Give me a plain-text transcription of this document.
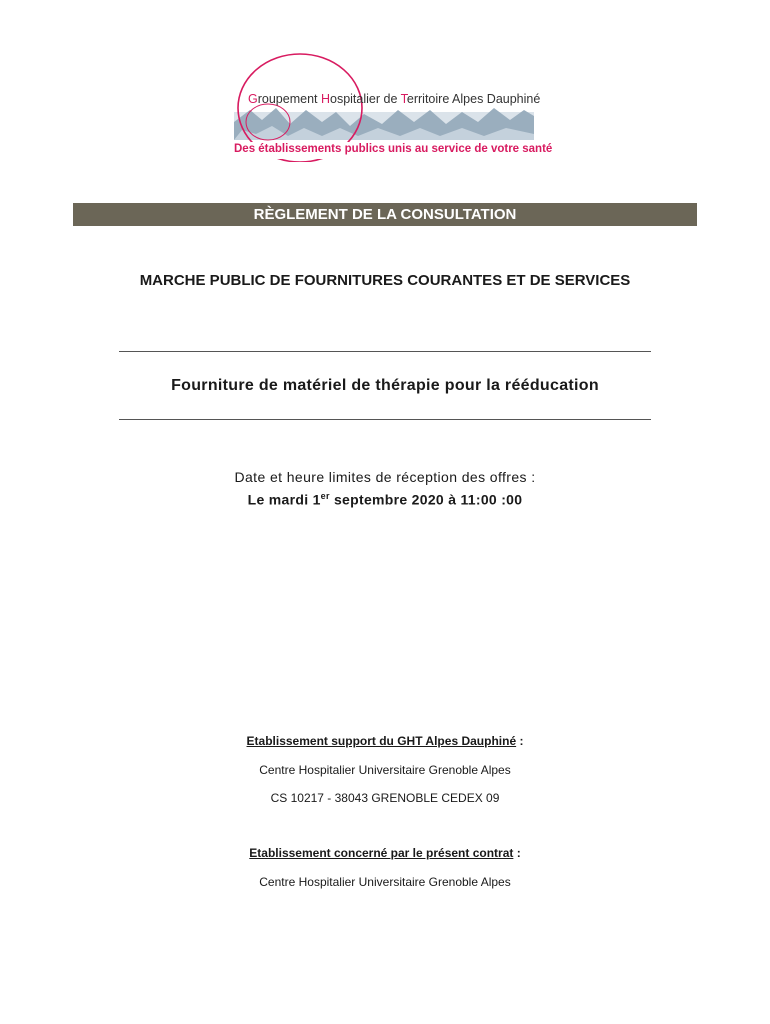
Groupement Hospitalier de Territoire Alpes Dauphiné
Des établissements publics unis au service de votre santé
RÈGLEMENT DE LA CONSULTATION
MARCHE PUBLIC DE FOURNITURES COURANTES ET DE SERVICES
Fourniture de matériel de thérapie pour la rééducation
Date et heure limites de réception des offres :
Le mardi 1er septembre 2020 à 11:00 :00
Etablissement support du GHT Alpes Dauphiné :
Centre Hospitalier Universitaire Grenoble Alpes
CS 10217 - 38043 GRENOBLE CEDEX 09
Etablissement concerné par le présent contrat :
Centre Hospitalier Universitaire Grenoble Alpes
